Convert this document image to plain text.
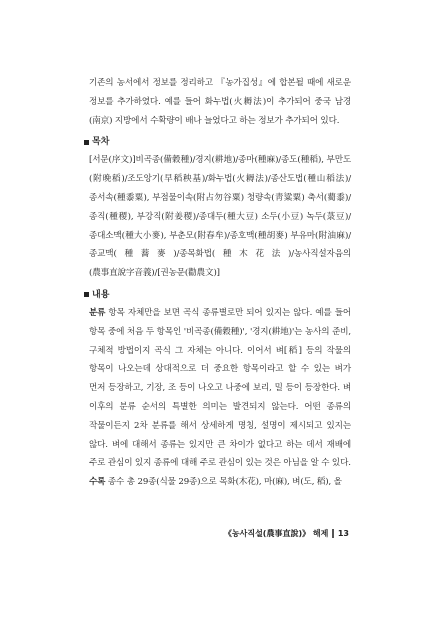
기존의 농서에서 정보를 정리하고 『농가집성』에 합본될 때에 새로운 정보를 추가하였다. 예를 들어 화누법(火耨法)이 추가되어 중국 남경(南京) 지방에서 수확량이 배나 늘었다고 하는 정보가 추가되어 있다.

목차

[서문(序文)]비곡종(備穀種)/경지(耕地)/종마(種麻)/종도(種稻), 부만도(附晩稻)/조도앙기(早稻秧基)/화누법(火耨法)/종산도법(種山稻法)/종서속(種黍粟), 부점물이속(附占勿谷粟) 청량속(靑粱粟) 축서(薥黍)/종직(種稷), 부강직(附姜稷)/종대두(種大豆) 소두(小豆) 녹두(菉豆)/종대소맥(種大小麥), 부춘모(附春牟)/종호맥(種胡麥) 부유마(附油麻)/종교맥(種蕎麥)/종목화법(種木花法)/농사직설자음의(農事直說字音義)/[권농문(勸農文)]

내용

분류 항목 자체만을 보면 곡식 종류별로만 되어 있지는 않다. 예를 들어 항목 중에 처음 두 항목인 '비곡종(備穀種)', '경지(耕地)'는 농사의 준비, 구체적 방법이지 곡식 그 자체는 아니다. 이어서 벼[稻] 등의 작물의 항목이 나오는데 상대적으로 더 중요한 항목이라고 할 수 있는 벼가 먼저 등장하고, 기장, 조 등이 나오고 나중에 보리, 밀 등이 등장한다. 벼 이후의 분류 순서의 특별한 의미는 발견되지 않는다. 어떤 종류의 작물이든지 2차 분류를 해서 상세하게 명칭, 설명이 제시되고 있지는 않다. 벼에 대해서 종류는 있지만 큰 차이가 없다고 하는 데서 재배에 주로 관심이 있지 종류에 대해 주로 관심이 있는 것은 아님을 알 수 있다.

수록 종수 총 29종(식물 29종)으로 목화(木花), 마(麻), 벼(도, 稻), 올

《농사직설(農事直說)》 해제 13
